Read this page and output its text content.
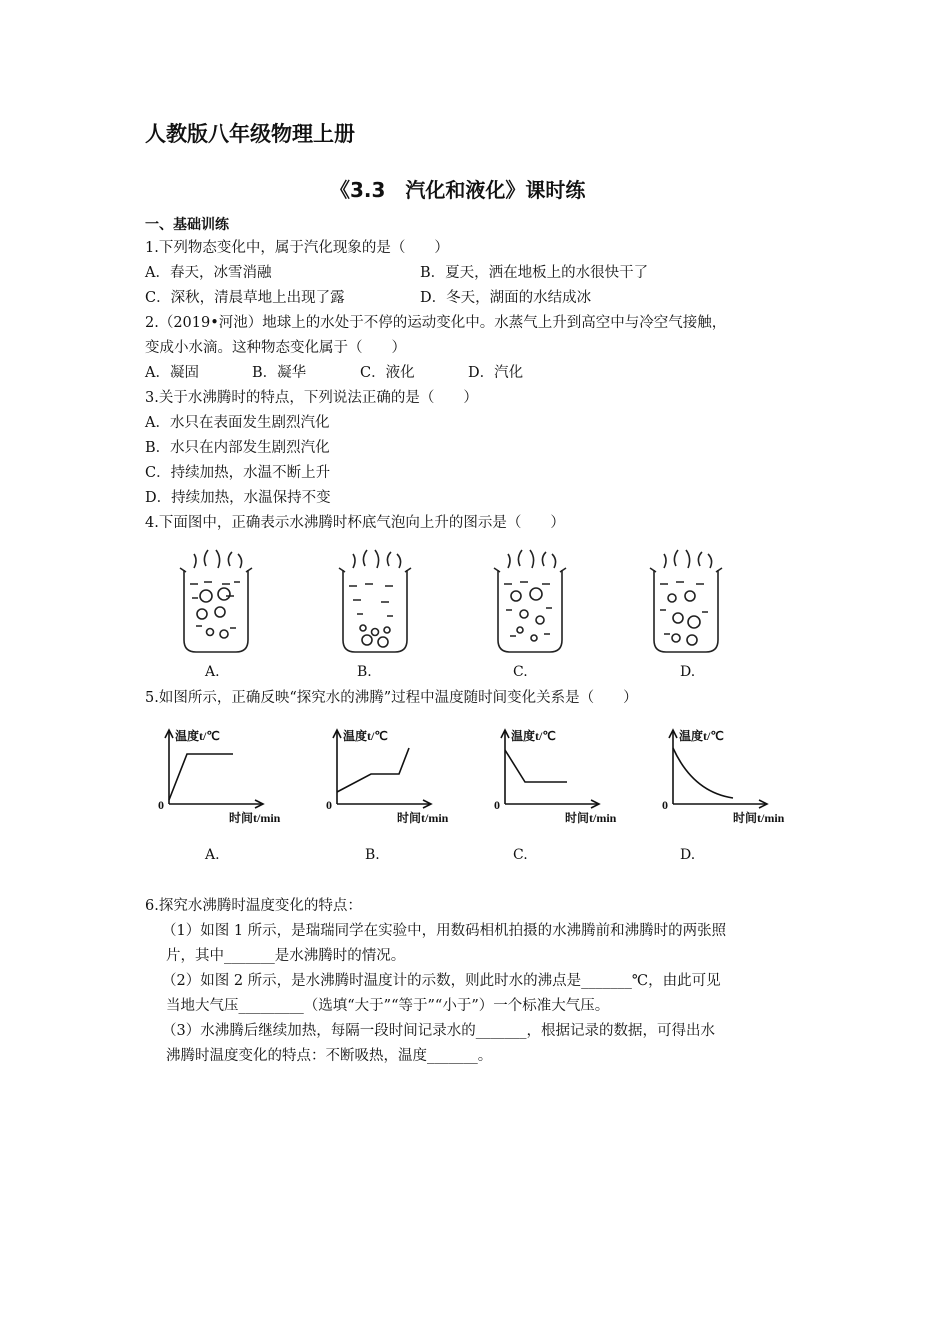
人教版八年级物理上册
《3.3　汽化和液化》课时练
一、基础训练
1.下列物态变化中，属于汽化现象的是（　　）
A．春天，冰雪消融	B．夏天，洒在地板上的水很快干了
C．深秋，清晨草地上出现了露	D．冬天，湖面的水结成冰
2.（2019•河池）地球上的水处于不停的运动变化中。水蒸气上升到高空中与冷空气接触，
变成小水滴。这种物态变化属于（　　）
A．凝固	B．凝华	C．液化	D．汽化
3.关于水沸腾时的特点，下列说法正确的是（　　）
A．水只在表面发生剧烈汽化
B．水只在内部发生剧烈汽化
C．持续加热，水温不断上升
D．持续加热，水温保持不变
4.下面图中，正确表示水沸腾时杯底气泡向上升的图示是（　　）
A.	B.	C.	D.
5.如图所示，正确反映“探究水的沸腾”过程中温度随时间变化关系是（　　）
温度t/℃
0
时间t/min
温度t/℃
0
时间t/min
温度t/℃
0
时间t/min
温度t/℃
0
时间t/min
A.	B.	C.	D.
6.探究水沸腾时温度变化的特点：
（1）如图 1 所示，是瑞瑞同学在实验中，用数码相机拍摄的水沸腾前和沸腾时的两张照
片，其中_______是水沸腾时的情况。
（2）如图 2 所示，是水沸腾时温度计的示数，则此时水的沸点是_______℃，由此可见
当地大气压_________（选填“大于”“等于”“小于”）一个标准大气压。
（3）水沸腾后继续加热，每隔一段时间记录水的_______，根据记录的数据，可得出水
沸腾时温度变化的特点：不断吸热，温度_______。
